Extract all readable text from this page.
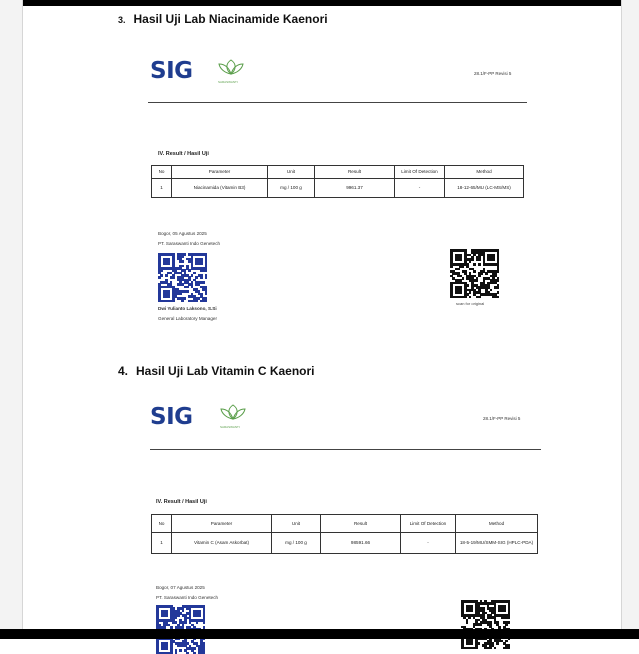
3. Hasil Uji Lab Niacinamide Kaenori
SIG	SARASWANTI
28.1/F-PP Revisi 5
IV. Result / Hasil Uji
No	Parameter	Unit	Result	Limit Of Detection	Method
1	Niacinamida (Vitamin B3)	mg / 100 g	9961.37	-	18-12-65/MU (LC-MS/MS)
Bogor, 05 Agustus 2025
PT. Saraswanti Indo Genetech
Dwi Yulianto Laksono, S.Si
General Laboratory Manager
scan for original
4. Hasil Uji Lab Vitamin C Kaenori
SIG	SARASWANTI
28.1/F-PP Revisi 5
IV. Result / Hasil Uji
No	Parameter	Unit	Result	Limit Of Detection	Method
1	Vitamin C (Asam Askorbat)	mg / 100 g	98591.66	-	18-5-19/MU/SMM-SIG (HPLC-PDA)
Bogor, 07 Agustus 2025
PT. Saraswanti Indo Genetech
